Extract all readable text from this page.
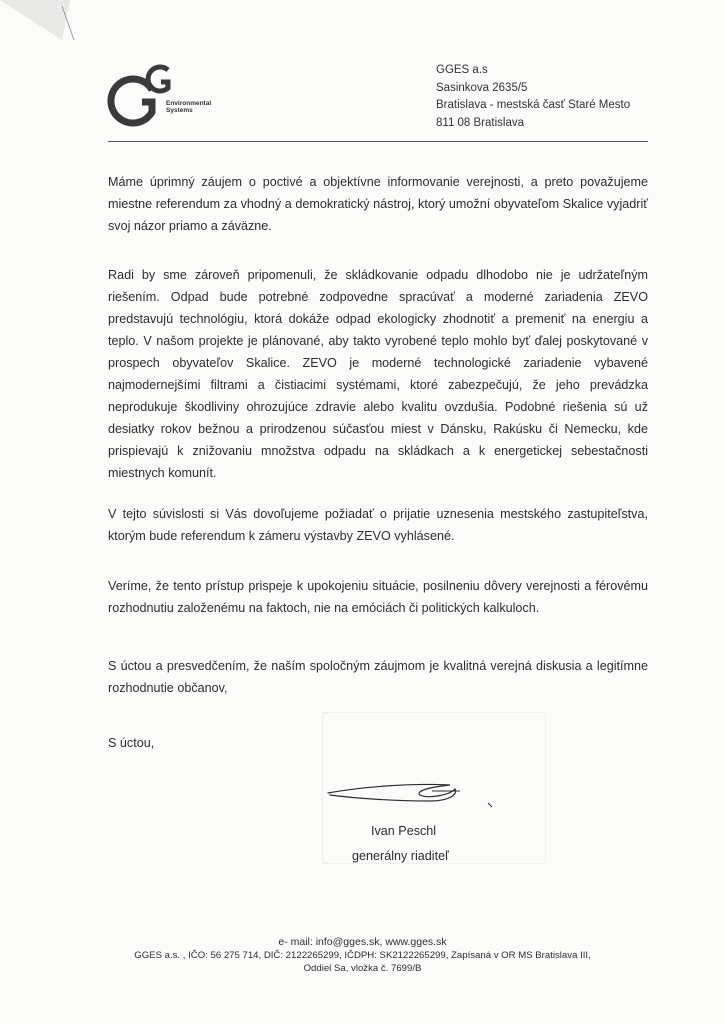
Environmental
Systems
GGES a.s
Sasinkova 2635/5
Bratislava - mestská časť Staré Mesto
811 08 Bratislava
Máme úprimný záujem o poctivé a objektívne informovanie verejnosti, a preto považujeme miestne referendum za vhodný a demokratický nástroj, ktorý umožní obyvateľom Skalice vyjadriť svoj názor priamo a záväzne.
Radi by sme zároveň pripomenuli, že skládkovanie odpadu dlhodobo nie je udržateľným riešením. Odpad bude potrebné zodpovedne spracúvať a moderné zariadenia ZEVO predstavujú technológiu, ktorá dokáže odpad ekologicky zhodnotiť a premeniť na energiu a teplo. V našom projekte je plánované, aby takto vyrobené teplo mohlo byť ďalej poskytované v prospech obyvateľov Skalice. ZEVO je moderné technologické zariadenie vybavené najmodernejšími filtrami a čistiacimi systémami, ktoré zabezpečujú, že jeho prevádzka neprodukuje škodliviny ohrozujúce zdravie alebo kvalitu ovzdušia. Podobné riešenia sú už desiatky rokov bežnou a prirodzenou súčasťou miest v Dánsku, Rakúsku či Nemecku, kde prispievajú k znižovaniu množstva odpadu na skládkach a k energetickej sebestačnosti miestnych komunít.
V tejto súvislosti si Vás dovoľujeme požiadať o prijatie uznesenia mestského zastupiteľstva, ktorým bude referendum k zámeru výstavby ZEVO vyhlásené.
Veríme, že tento prístup prispeje k upokojeniu situácie, posilneniu dôvery verejnosti a férovému rozhodnutiu založenému na faktoch, nie na emóciách či politických kalkuloch.
S úctou a presvedčením, že naším spoločným záujmom je kvalitná verejná diskusia a legitímne rozhodnutie občanov,
S úctou,
Ivan Peschl
generálny riaditeľ
e- mail: info@gges.sk, www.gges.sk
GGES a.s. , IČO: 56 275 714, DIČ: 2122265299, IČDPH: SK2122265299, Zapísaná v OR MS Bratislava III,
Oddiel Sa, vložka č. 7699/B
